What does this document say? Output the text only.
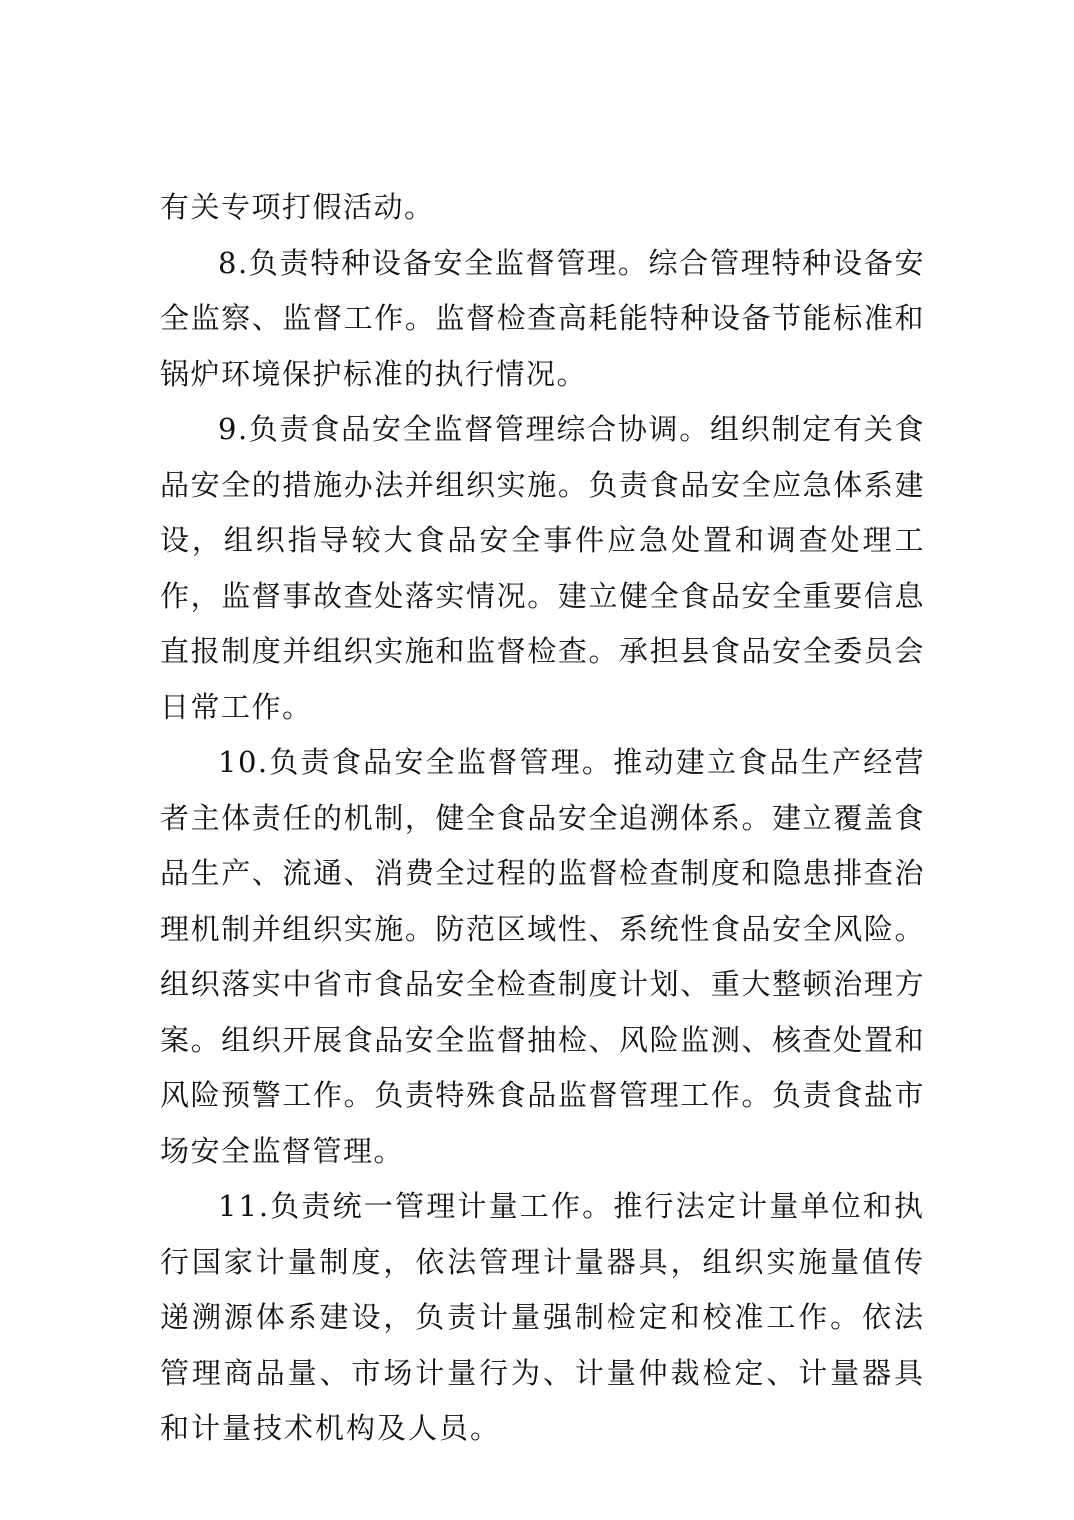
有关专项打假活动。

8.负责特种设备安全监督管理。综合管理特种设备安全监察、监督工作。监督检查高耗能特种设备节能标准和锅炉环境保护标准的执行情况。

9.负责食品安全监督管理综合协调。组织制定有关食品安全的措施办法并组织实施。负责食品安全应急体系建设，组织指导较大食品安全事件应急处置和调查处理工作，监督事故查处落实情况。建立健全食品安全重要信息直报制度并组织实施和监督检查。承担县食品安全委员会日常工作。

10.负责食品安全监督管理。推动建立食品生产经营者主体责任的机制，健全食品安全追溯体系。建立覆盖食品生产、流通、消费全过程的监督检查制度和隐患排查治理机制并组织实施。防范区域性、系统性食品安全风险。组织落实中省市食品安全检查制度计划、重大整顿治理方案。组织开展食品安全监督抽检、风险监测、核查处置和风险预警工作。负责特殊食品监督管理工作。负责食盐市场安全监督管理。

11.负责统一管理计量工作。推行法定计量单位和执行国家计量制度，依法管理计量器具，组织实施量值传递溯源体系建设，负责计量强制检定和校准工作。依法管理商品量、市场计量行为、计量仲裁检定、计量器具和计量技术机构及人员。
